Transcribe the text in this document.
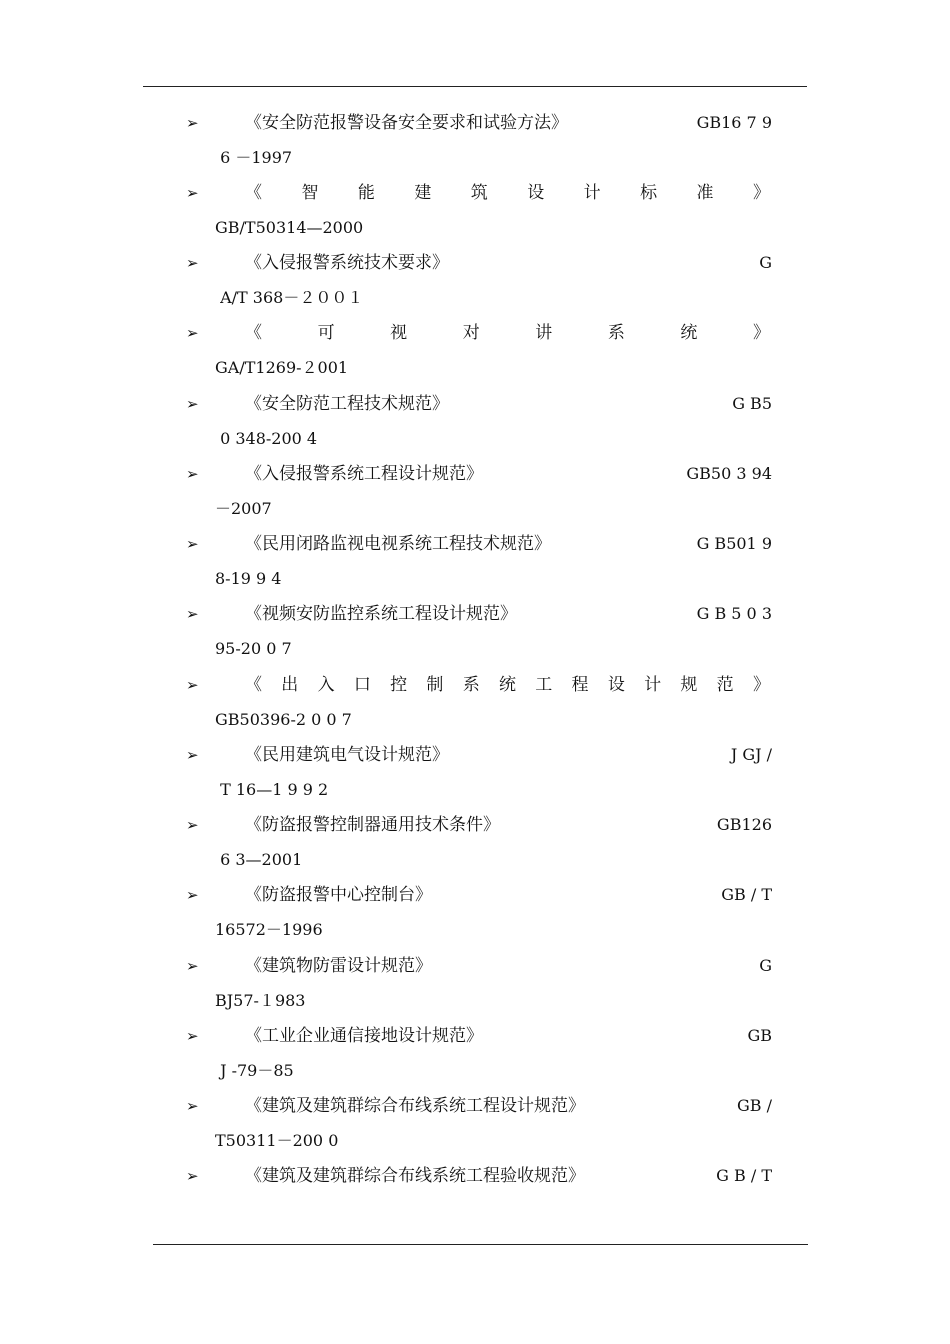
➢	《安全防范报警设备安全要求和试验方法》	GB16 7 9
6 －1997
➢	《 智 能 建 筑 设 计 标 准 》
GB/T50314—2000
➢	《入侵报警系统技术要求》	G
A/T 368－２００１
➢	《	可	视	对	讲	系	统	》
GA/T1269-２001
➢	《安全防范工程技术规范》	G B5
0 348-200 4
➢	《入侵报警系统工程设计规范》	GB50 3 94
－2007
➢	《民用闭路监视电视系统工程技术规范》	G B501 9
8-19 9 4
➢	《视频安防监控系统工程设计规范》	G B 5 0 3
95-20 0 7
➢	《 出 入 口 控 制 系 统 工 程 设 计 规 范 》
GB50396-2 0 0 7
➢	《民用建筑电气设计规范》	J GJ /
T 16—1 9 9 2
➢	《防盗报警控制器通用技术条件》	GB126
6 3—2001
➢	《防盗报警中心控制台》	GB / T
16572－1996
➢	《建筑物防雷设计规范》	G
BJ57-１983
➢	《工业企业通信接地设计规范》	GB
J -79－85
➢	《建筑及建筑群综合布线系统工程设计规范》	GB /
T50311－200 0
➢	《建筑及建筑群综合布线系统工程验收规范》	G B / T
